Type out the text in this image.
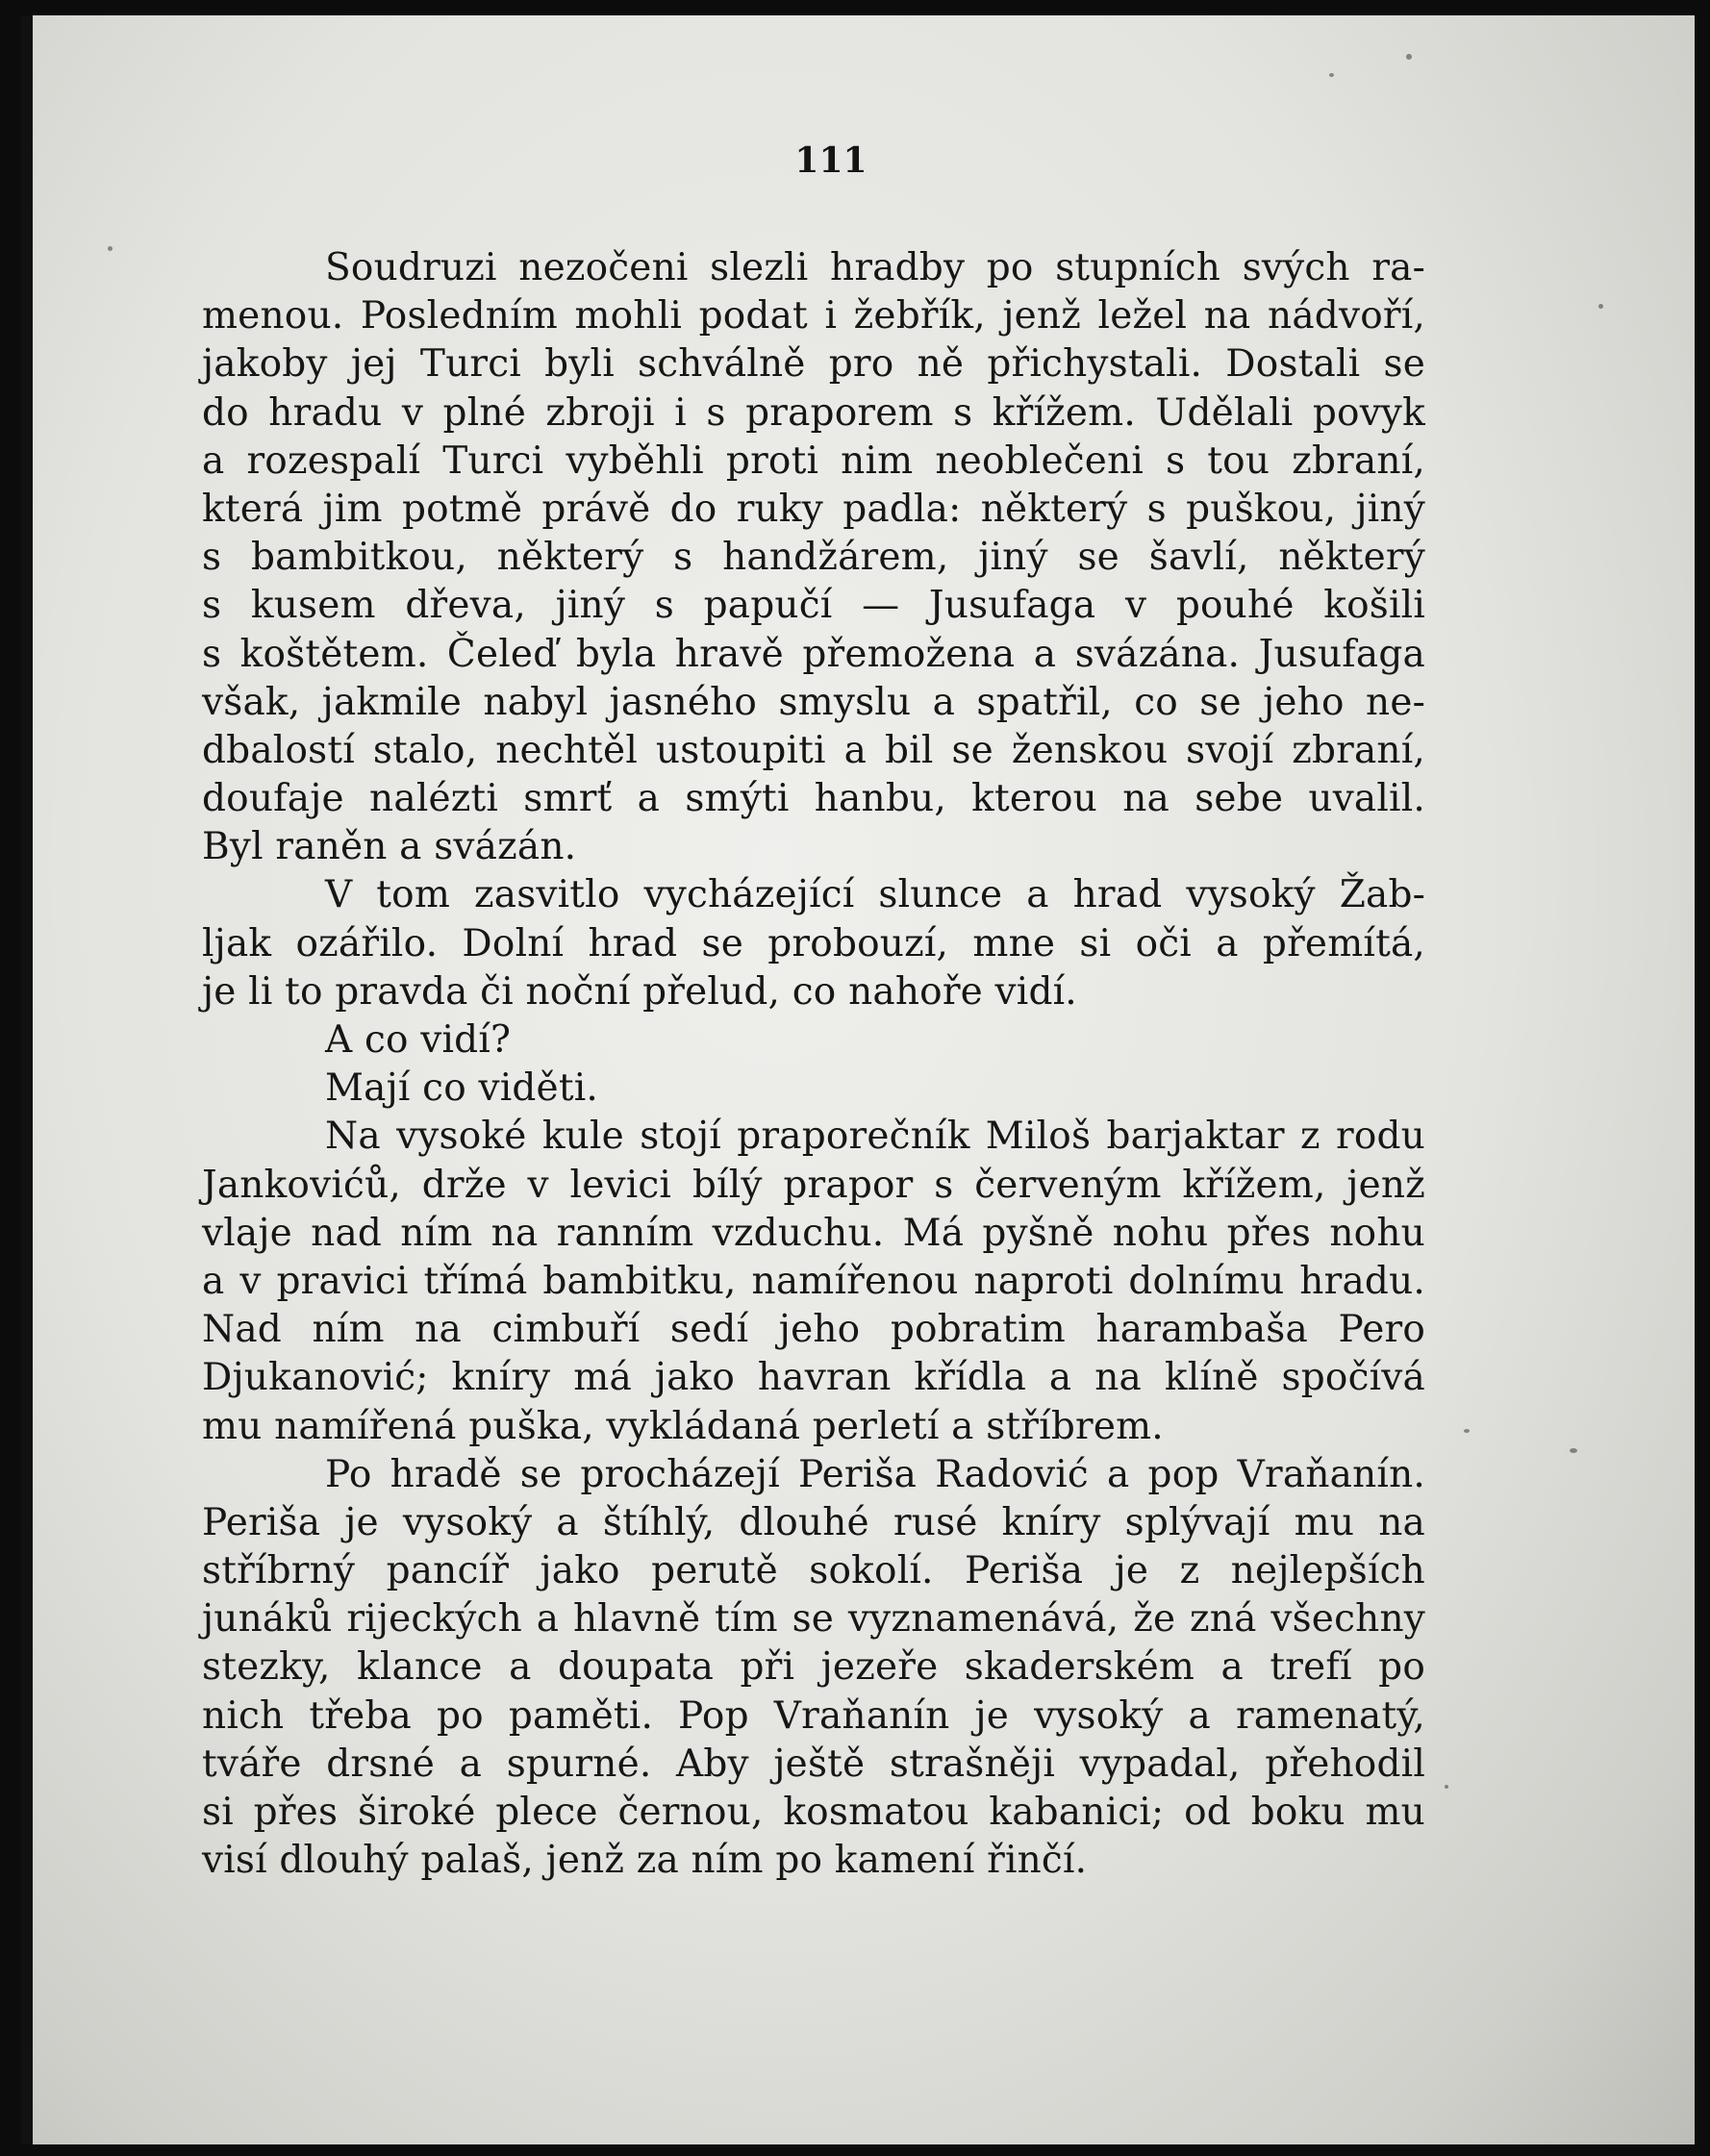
111
Soudruzi nezočeni slezli hradby po stupních svých ra-
menou. Posledním mohli podat i žebřík, jenž ležel na nádvoří,
jakoby jej Turci byli schválně pro ně přichystali. Dostali se
do hradu v plné zbroji i s praporem s křížem. Udělali povyk
a rozespalí Turci vyběhli proti nim neoblečeni s tou zbraní,
která jim potmě právě do ruky padla: některý s puškou, jiný
s bambitkou, některý s handžárem, jiný se šavlí, některý
s kusem dřeva, jiný s papučí — Jusufaga v pouhé košili
s koštětem. Čeleď byla hravě přemožena a svázána. Jusufaga
však, jakmile nabyl jasného smyslu a spatřil, co se jeho ne-
dbalostí stalo, nechtěl ustoupiti a bil se ženskou svojí zbraní,
doufaje nalézti smrť a smýti hanbu, kterou na sebe uvalil.
Byl raněn a svázán.
V tom zasvitlo vycházející slunce a hrad vysoký Žab-
ljak ozářilo. Dolní hrad se probouzí, mne si oči a přemítá,
je li to pravda či noční přelud, co nahoře vidí.
A co vidí?
Mají co viděti.
Na vysoké kule stojí praporečník Miloš barjaktar z rodu
Jankovićů, drže v levici bílý prapor s červeným křížem, jenž
vlaje nad ním na ranním vzduchu. Má pyšně nohu přes nohu
a v pravici třímá bambitku, namířenou naproti dolnímu hradu.
Nad ním na cimbuří sedí jeho pobratim harambaša Pero
Djukanović; kníry má jako havran křídla a na klíně spočívá
mu namířená puška, vykládaná perletí a stříbrem.
Po hradě se procházejí Periša Radović a pop Vraňanín.
Periša je vysoký a štíhlý, dlouhé rusé kníry splývají mu na
stříbrný pancíř jako perutě sokolí. Periša je z nejlepších
junáků rijeckých a hlavně tím se vyznamenává, že zná všechny
stezky, klance a doupata při jezeře skaderském a trefí po
nich třeba po paměti. Pop Vraňanín je vysoký a ramenatý,
tváře drsné a spurné. Aby ještě strašněji vypadal, přehodil
si přes široké plece černou, kosmatou kabanici; od boku mu
visí dlouhý palaš, jenž za ním po kamení řinčí.
